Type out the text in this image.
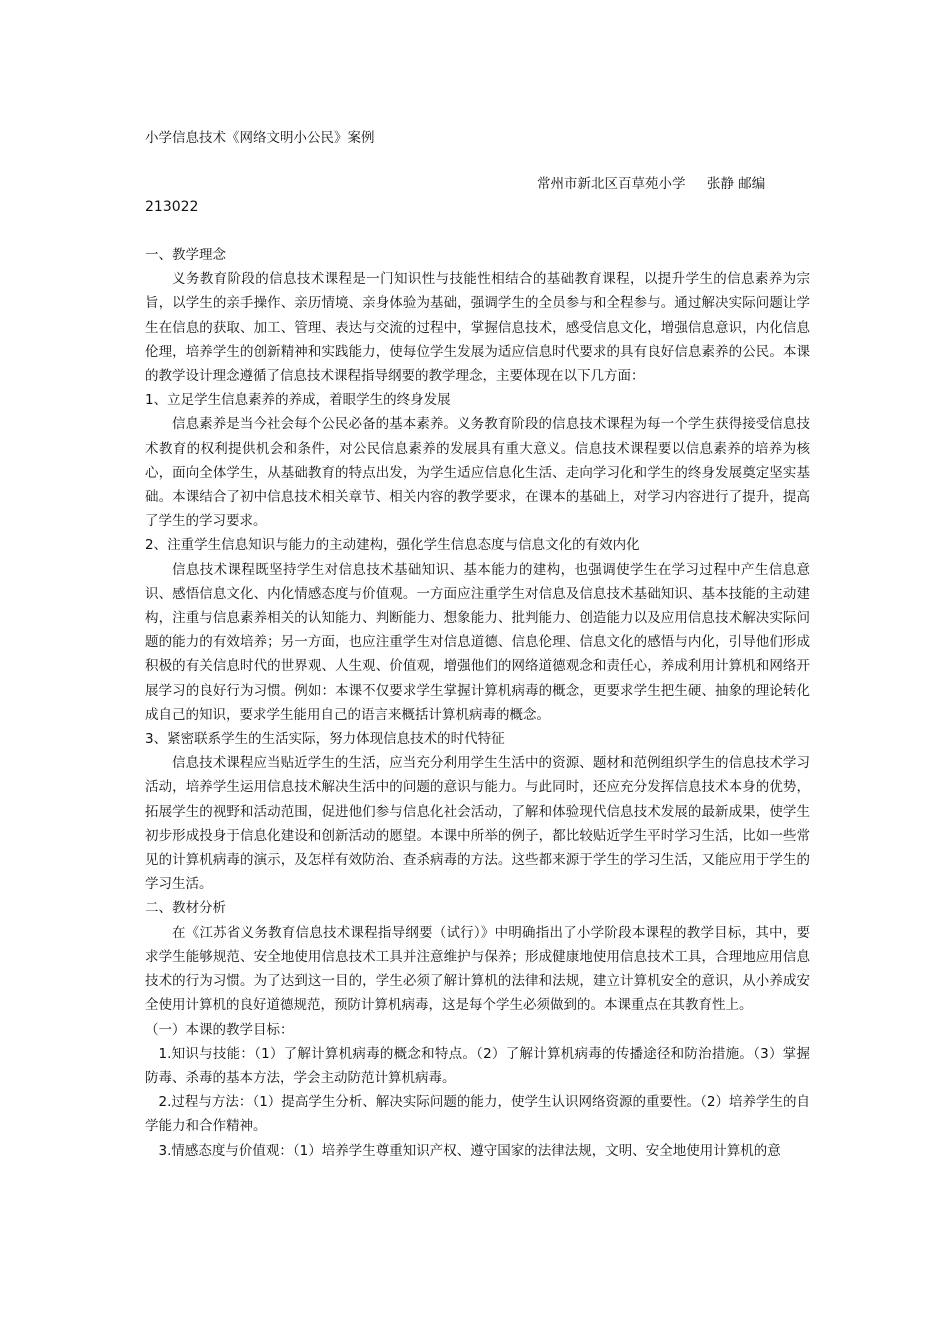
小学信息技术《网络文明小公民》案例
常州市新北区百草苑小学     张静 邮编
213022

一、教学理念

义务教育阶段的信息技术课程是一门知识性与技能性相结合的基础教育课程，以提升学生的信息素养为宗旨，以学生的亲手操作、亲历情境、亲身体验为基础，强调学生的全员参与和全程参与。通过解决实际问题让学生在信息的获取、加工、管理、表达与交流的过程中，掌握信息技术，感受信息文化，增强信息意识，内化信息伦理，培养学生的创新精神和实践能力，使每位学生发展为适应信息时代要求的具有良好信息素养的公民。本课的教学设计理念遵循了信息技术课程指导纲要的教学理念，主要体现在以下几方面：

1、立足学生信息素养的养成，着眼学生的终身发展

信息素养是当今社会每个公民必备的基本素养。义务教育阶段的信息技术课程为每一个学生获得接受信息技术教育的权利提供机会和条件，对公民信息素养的发展具有重大意义。信息技术课程要以信息素养的培养为核心，面向全体学生，从基础教育的特点出发，为学生适应信息化生活、走向学习化和学生的终身发展奠定坚实基础。本课结合了初中信息技术相关章节、相关内容的教学要求，在课本的基础上，对学习内容进行了提升，提高了学生的学习要求。

2、注重学生信息知识与能力的主动建构，强化学生信息态度与信息文化的有效内化

信息技术课程既坚持学生对信息技术基础知识、基本能力的建构，也强调使学生在学习过程中产生信息意识、感悟信息文化、内化情感态度与价值观。一方面应注重学生对信息及信息技术基础知识、基本技能的主动建构，注重与信息素养相关的认知能力、判断能力、想象能力、批判能力、创造能力以及应用信息技术解决实际问题的能力的有效培养；另一方面，也应注重学生对信息道德、信息伦理、信息文化的感悟与内化，引导他们形成积极的有关信息时代的世界观、人生观、价值观，增强他们的网络道德观念和责任心，养成利用计算机和网络开展学习的良好行为习惯。例如：本课不仅要求学生掌握计算机病毒的概念，更要求学生把生硬、抽象的理论转化成自己的知识，要求学生能用自己的语言来概括计算机病毒的概念。

3、紧密联系学生的生活实际，努力体现信息技术的时代特征

信息技术课程应当贴近学生的生活，应当充分利用学生生活中的资源、题材和范例组织学生的信息技术学习活动，培养学生运用信息技术解决生活中的问题的意识与能力。与此同时，还应充分发挥信息技术本身的优势，拓展学生的视野和活动范围，促进他们参与信息化社会活动，了解和体验现代信息技术发展的最新成果，使学生初步形成投身于信息化建设和创新活动的愿望。本课中所举的例子，都比较贴近学生平时学习生活，比如一些常见的计算机病毒的演示，及怎样有效防治、查杀病毒的方法。这些都来源于学生的学习生活，又能应用于学生的学习生活。

二、教材分析

在《江苏省义务教育信息技术课程指导纲要（试行）》中明确指出了小学阶段本课程的教学目标，其中，要求学生能够规范、安全地使用信息技术工具并注意维护与保养；形成健康地使用信息技术工具，合理地应用信息技术的行为习惯。为了达到这一目的，学生必须了解计算机的法律和法规，建立计算机安全的意识，从小养成安全使用计算机的良好道德规范，预防计算机病毒，这是每个学生必须做到的。本课重点在其教育性上。

（一）本课的教学目标：

1.知识与技能：（1）了解计算机病毒的概念和特点。（2）了解计算机病毒的传播途径和防治措施。（3）掌握防毒、杀毒的基本方法，学会主动防范计算机病毒。

2.过程与方法：（1）提高学生分析、解决实际问题的能力，使学生认识网络资源的重要性。（2）培养学生的自学能力和合作精神。

3.情感态度与价值观：（1）培养学生尊重知识产权、遵守国家的法律法规，文明、安全地使用计算机的意
